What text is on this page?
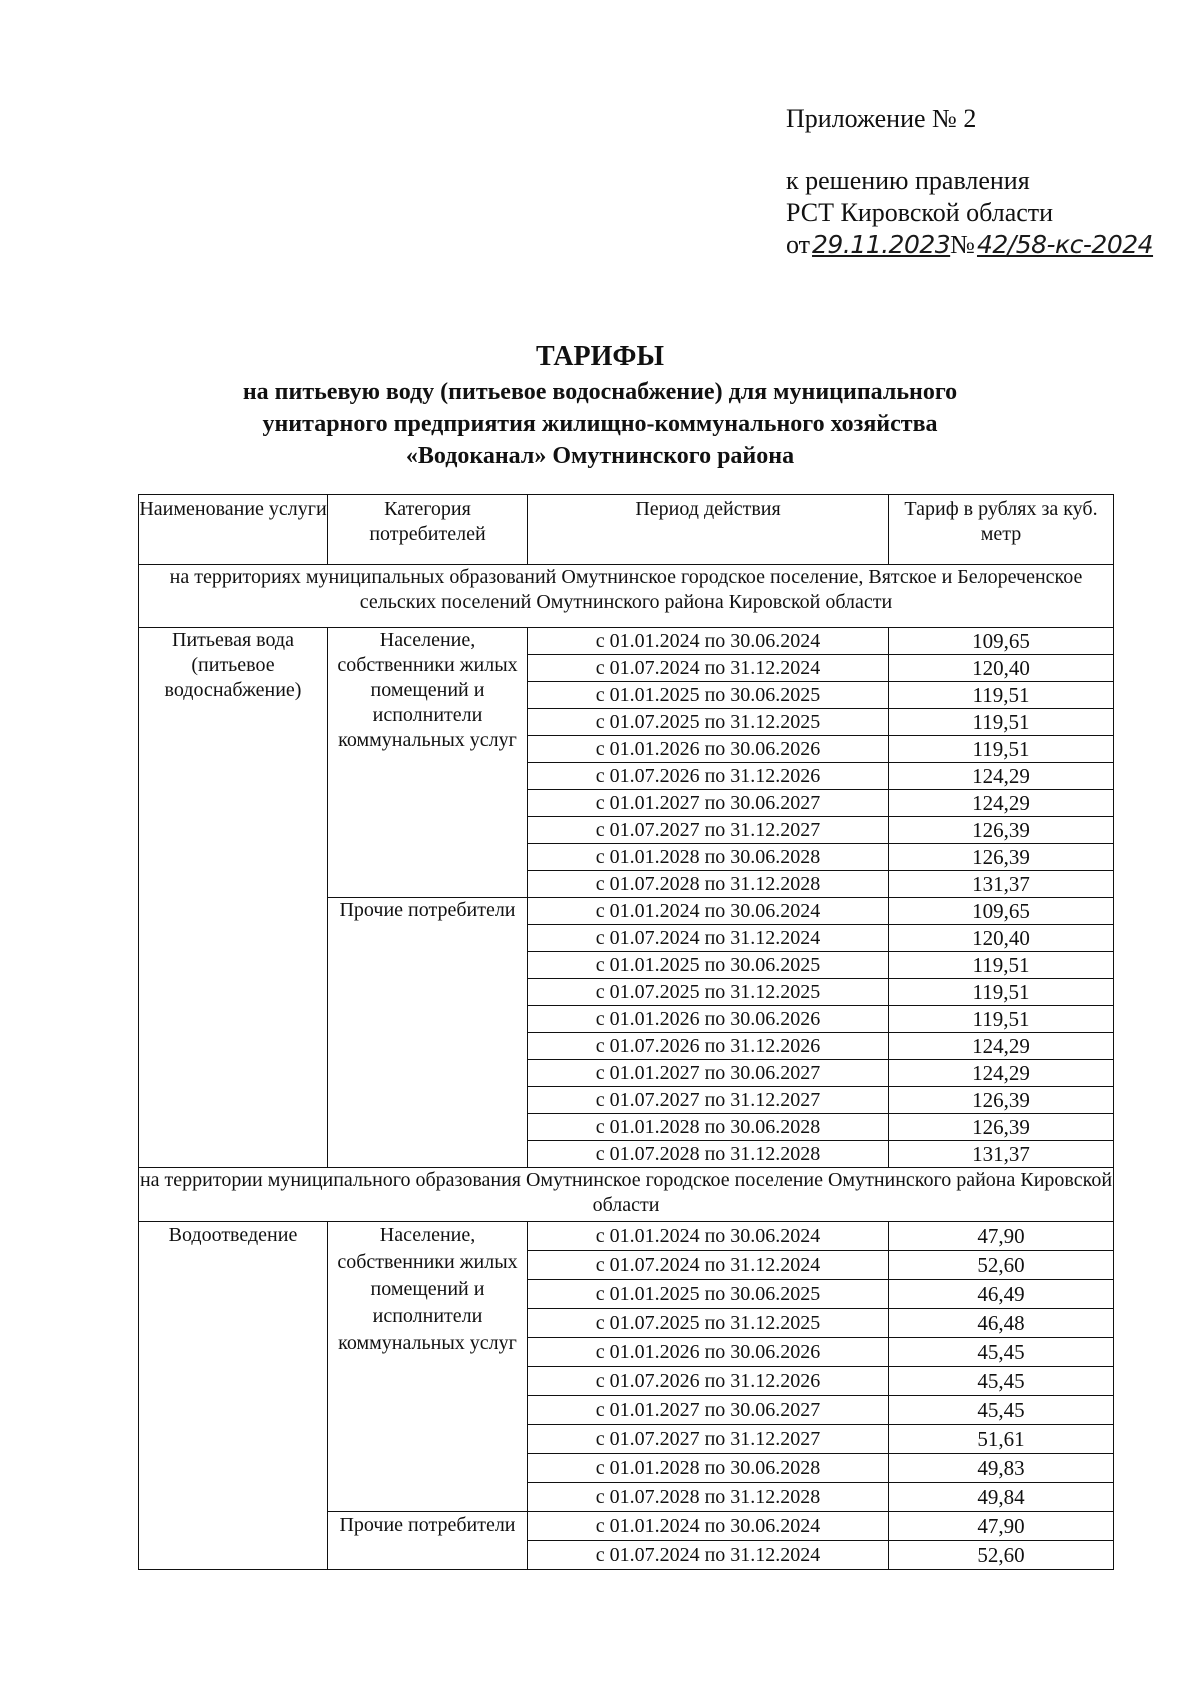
Приложение № 2
к решению правления
РСТ Кировской области
от 29.11.2023 № 42/58-кс-2024
ТАРИФЫ
на питьевую воду (питьевое водоснабжение) для муниципального
унитарного предприятия жилищно-коммунального хозяйства
«Водоканал» Омутнинского района
Наименование услуги	Категория потребителей	Период действия	Тариф в рублях за куб. метр
на территориях муниципальных образований Омутнинское городское поселение, Вятское и Белореченское сельских поселений Омутнинского района Кировской области			
Питьевая вода (питьевое водоснабжение)	Население, собственники жилых помещений и исполнители коммунальных услуг	с 01.01.2024 по 30.06.2024	109,65
		с 01.07.2024 по 31.12.2024	120,40
		с 01.01.2025 по 30.06.2025	119,51
		с 01.07.2025 по 31.12.2025	119,51
		с 01.01.2026 по 30.06.2026	119,51
		с 01.07.2026 по 31.12.2026	124,29
		с 01.01.2027 по 30.06.2027	124,29
		с 01.07.2027 по 31.12.2027	126,39
		с 01.01.2028 по 30.06.2028	126,39
		с 01.07.2028 по 31.12.2028	131,37
	Прочие потребители	с 01.01.2024 по 30.06.2024	109,65
		с 01.07.2024 по 31.12.2024	120,40
		с 01.01.2025 по 30.06.2025	119,51
		с 01.07.2025 по 31.12.2025	119,51
		с 01.01.2026 по 30.06.2026	119,51
		с 01.07.2026 по 31.12.2026	124,29
		с 01.01.2027 по 30.06.2027	124,29
		с 01.07.2027 по 31.12.2027	126,39
		с 01.01.2028 по 30.06.2028	126,39
		с 01.07.2028 по 31.12.2028	131,37
на территории муниципального образования Омутнинское городское поселение Омутнинского района Кировской области			
Водоотведение	Население, собственники жилых помещений и исполнители коммунальных услуг	с 01.01.2024 по 30.06.2024	47,90
		с 01.07.2024 по 31.12.2024	52,60
		с 01.01.2025 по 30.06.2025	46,49
		с 01.07.2025 по 31.12.2025	46,48
		с 01.01.2026 по 30.06.2026	45,45
		с 01.07.2026 по 31.12.2026	45,45
		с 01.01.2027 по 30.06.2027	45,45
		с 01.07.2027 по 31.12.2027	51,61
		с 01.01.2028 по 30.06.2028	49,83
		с 01.07.2028 по 31.12.2028	49,84
	Прочие потребители	с 01.01.2024 по 30.06.2024	47,90
		с 01.07.2024 по 31.12.2024	52,60
